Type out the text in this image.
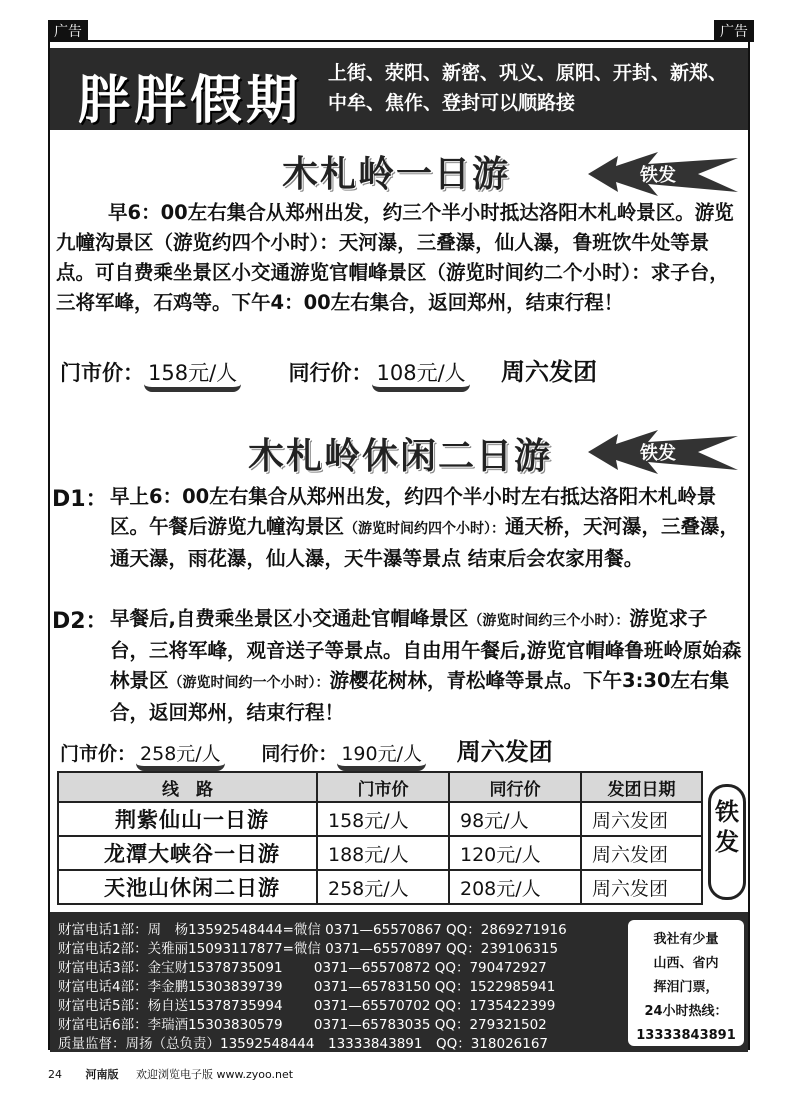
广告	广告
胖胖假期 上街、荥阳、新密、巩义、原阳、开封、新郑、中牟、焦作、登封可以顺路接
木札岭一日游	铁发
早6：00左右集合从郑州出发，约三个半小时抵达洛阳木札岭景区。游览九幢沟景区（游览约四个小时）：天河瀑，三叠瀑，仙人瀑，鲁班饮牛处等景点。可自费乘坐景区小交通游览官帽峰景区（游览时间约二个小时）：求子台，三将军峰，石鸡等。下午4：00左右集合，返回郑州，结束行程！
门市价： 158元/人 同行价： 108元/人 周六发团
木札岭休闲二日游	铁发
D1： 早上6：00左右集合从郑州出发，约四个半小时左右抵达洛阳木札岭景区。午餐后游览九幢沟景区（游览时间约四个小时）：通天桥，天河瀑，三叠瀑，通天瀑，雨花瀑，仙人瀑，天牛瀑等景点 结束后会农家用餐。
D2： 早餐后,自费乘坐景区小交通赴官帽峰景区（游览时间约三个小时）：游览求子台，三将军峰，观音送子等景点。自由用午餐后,游览官帽峰鲁班岭原始森林景区（游览时间约一个小时）：游樱花树林，青松峰等景点。下午3:30左右集合，返回郑州，结束行程！
门市价： 258元/人 同行价： 190元/人 周六发团
线　路	门市价	同行价	发团日期
荆紫仙山一日游	158元/人	98元/人	周六发团
龙潭大峡谷一日游	188元/人	120元/人	周六发团
天池山休闲二日游	258元/人	208元/人	周六发团
铁发
财富电话1部：周　杨13592548444=微信 0371—65570867 QQ：2869271916
财富电话2部：关雅丽15093117877=微信 0371—65570897 QQ：239106315
财富电话3部：金宝财15378735091　　 0371—65570872 QQ：790472927
财富电话4部：李金鹏15303839739　　 0371—65783150 QQ：1522985941
财富电话5部：杨自送15378735994　　 0371—65570702 QQ：1735422399
财富电话6部：李瑞酒15303830579　　 0371—65783035 QQ：279321502
质量监督：周扬（总负责）13592548444　13333843891　QQ：318026167
我社有少量
山西、省内
挥泪门票，
24小时热线：
13333843891
24 河南版 欢迎浏览电子版 www.zyoo.net
